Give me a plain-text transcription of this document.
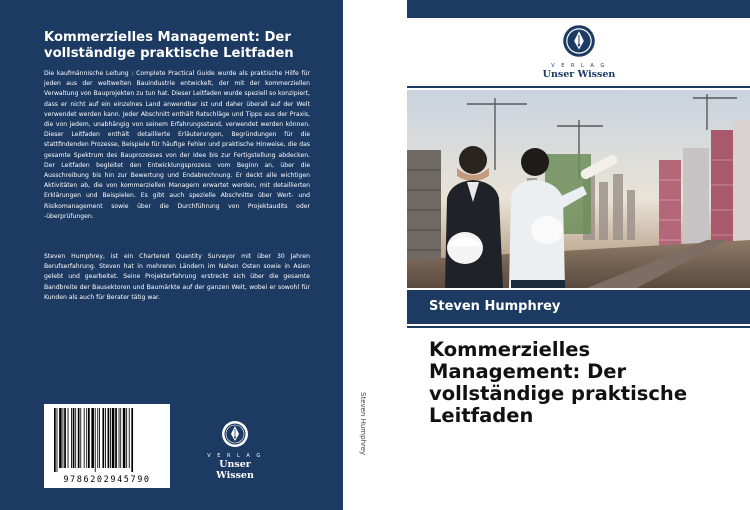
Kommerzielles Management: Der vollständige praktische Leitfaden
Die kaufmännische Leitung : Complete Practical Guide wurde als praktische Hilfe für jeden aus der weltweiten Bauindustrie entwickelt, der mit der kommerziellen Verwaltung von Bauprojekten zu tun hat. Dieser Leitfaden wurde speziell so konzipiert, dass er nicht auf ein einzelnes Land anwendbar ist und daher überall auf der Welt verwendet werden kann. Jeder Abschnitt enthält Ratschläge und Tipps aus der Praxis, die von jedem, unabhängig von seinem Erfahrungsstand, verwendet werden können. Dieser Leitfaden enthält detaillierte Erläuterungen, Begründungen für die stattfindenden Prozesse, Beispiele für häufige Fehler und praktische Hinweise, die das gesamte Spektrum des Bauprozesses von der Idee bis zur Fertigstellung abdecken. Der Leitfaden begleitet den Entwicklungsprozess vom Beginn an, über die Ausschreibung bis hin zur Bewertung und Endabrechnung. Er deckt alle wichtigen Aktivitäten ab, die von kommerziellen Managern erwartet werden, mit detaillierten Erklärungen und Beispielen. Es gibt auch spezielle Abschnitte über Wert- und Risikomanagement sowie über die Durchführung von Projektaudits oder -überprüfungen.
Steven Humphrey, ist ein Chartered Quantity Surveyor mit über 30 Jahren Berufserfahrung. Steven hat in mehreren Ländern im Nahen Osten sowie in Asien gelebt und gearbeitet. Seine Projekterfahrung erstreckt sich über die gesamte Bandbreite der Bausektoren und Baumärkte auf der ganzen Welt, wobei er sowohl für Kunden als auch für Berater tätig war.
9786202945790
V E R L A G
Unser Wissen
Steven Humphrey
V E R L A G
Unser Wissen
Steven Humphrey
Kommerzielles Management: Der vollständige praktische Leitfaden
